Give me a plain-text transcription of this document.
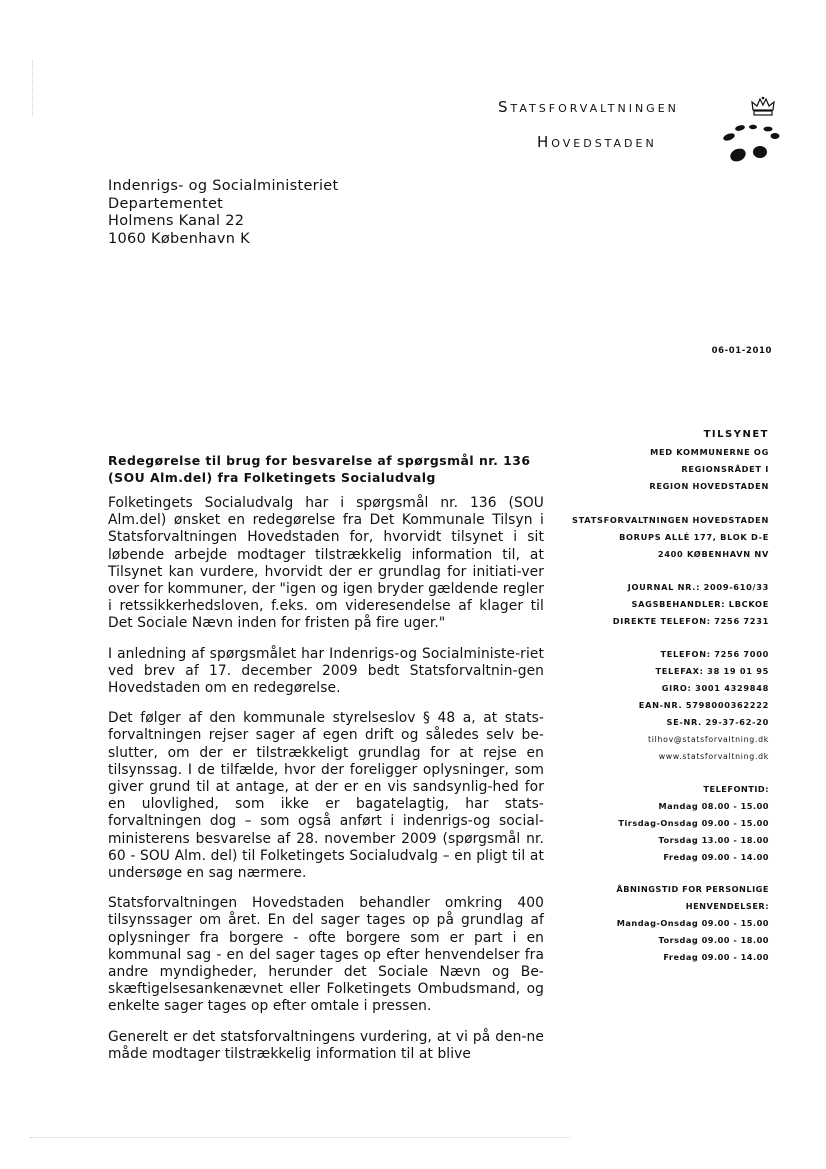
Statsforvaltningen
Hovedstaden
Indenrigs- og Socialministeriet
Departementet
Holmens Kanal 22
1060 København K
06-01-2010
Redegørelse til brug for besvarelse af spørgsmål nr. 136 (SOU Alm.del) fra Folketingets Socialudvalg

Folketingets Socialudvalg har i spørgsmål nr. 136 (SOU Alm.del) ønsket en redegørelse fra Det Kommunale Tilsyn i Statsforvaltningen Hovedstaden for, hvorvidt tilsynet i sit løbende arbejde modtager tilstrækkelig information til, at Tilsynet kan vurdere, hvorvidt der er grundlag for initiati-ver over for kommuner, der "igen og igen bryder gældende regler i retssikkerhedsloven, f.eks. om videresendelse af klager til Det Sociale Nævn inden for fristen på fire uger."

I anledning af spørgsmålet har Indenrigs-og Socialministe-riet ved brev af 17. december 2009 bedt Statsforvaltnin-gen Hovedstaden om en redegørelse.

Det følger af den kommunale styrelseslov § 48 a, at stats-forvaltningen rejser sager af egen drift og således selv be-slutter, om der er tilstrækkeligt grundlag for at rejse en tilsynssag. I de tilfælde, hvor der foreligger oplysninger, som giver grund til at antage, at der er en vis sandsynlig-hed for en ulovlighed, som ikke er bagatelagtig, har stats-forvaltningen dog – som også anført i indenrigs-og social-ministerens besvarelse af 28. november 2009 (spørgsmål nr. 60 - SOU Alm. del) til Folketingets Socialudvalg – en pligt til at undersøge en sag nærmere.

Statsforvaltningen Hovedstaden behandler omkring 400 tilsynssager om året. En del sager tages op på grundlag af oplysninger fra borgere - ofte borgere som er part i en kommunal sag - en del sager tages op efter henvendelser fra andre myndigheder, herunder det Sociale Nævn og Be-skæftigelsesankenævnet eller Folketingets Ombudsmand, og enkelte sager tages op efter omtale i pressen.

Generelt er det statsforvaltningens vurdering, at vi på den-ne måde modtager tilstrækkelig information til at blive

TILSYNET
MED KOMMUNERNE OG
REGIONSRÅDET I
REGION HOVEDSTADEN
STATSFORVALTNINGEN HOVEDSTADEN
BORUPS ALLÉ 177, BLOK D-E
2400 KØBENHAVN NV
JOURNAL NR.: 2009-610/33
SAGSBEHANDLER: LBCKOE
DIREKTE TELEFON: 7256 7231
TELEFON: 7256 7000
TELEFAX: 38 19 01 95
GIRO: 3001 4329848
EAN-NR. 5798000362222
SE-NR. 29-37-62-20
tilhov@statsforvaltning.dk
www.statsforvaltning.dk
TELEFONTID:
Mandag 08.00 - 15.00
Tirsdag-Onsdag 09.00 - 15.00
Torsdag 13.00 - 18.00
Fredag 09.00 - 14.00
ÅBNINGSTID FOR PERSONLIGE
HENVENDELSER:
Mandag-Onsdag 09.00 - 15.00
Torsdag 09.00 - 18.00
Fredag 09.00 - 14.00
